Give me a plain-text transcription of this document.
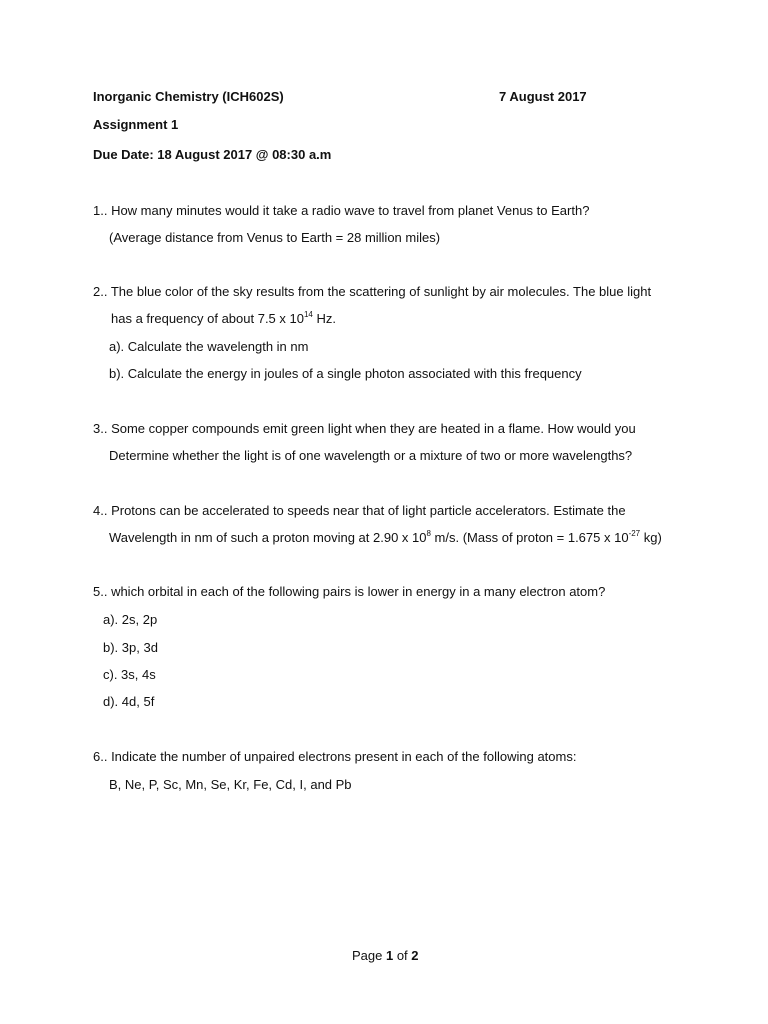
Inorganic Chemistry (ICH602S)	7 August 2017
Assignment 1
Due Date: 18 August 2017 @ 08:30 a.m
1.. How many minutes would it take a radio wave to travel from planet Venus to Earth?
(Average distance from Venus to Earth = 28 million miles)
2.. The blue color of the sky results from the scattering of sunlight by air molecules. The blue light
has a frequency of about 7.5 x $10^{14}$ Hz.
a). Calculate the wavelength in nm
b). Calculate the energy in joules of a single photon associated with this frequency
3.. Some copper compounds emit green light when they are heated in a flame. How would you
Determine whether the light is of one wavelength or a mixture of two or more wavelengths?
4.. Protons can be accelerated to speeds near that of light particle accelerators. Estimate the
Wavelength in nm of such a proton moving at 2.90 x $10^8$ m/s. (Mass of proton = 1.675 x $10^{-27}$ kg)
5.. which orbital in each of the following pairs is lower in energy in a many electron atom?
a). 2s, 2p
b). 3p, 3d
c). 3s, 4s
d). 4d, 5f
6.. Indicate the number of unpaired electrons present in each of the following atoms:
B, Ne, P, Sc, Mn, Se, Kr, Fe, Cd, I, and Pb
Page 1 of 2
